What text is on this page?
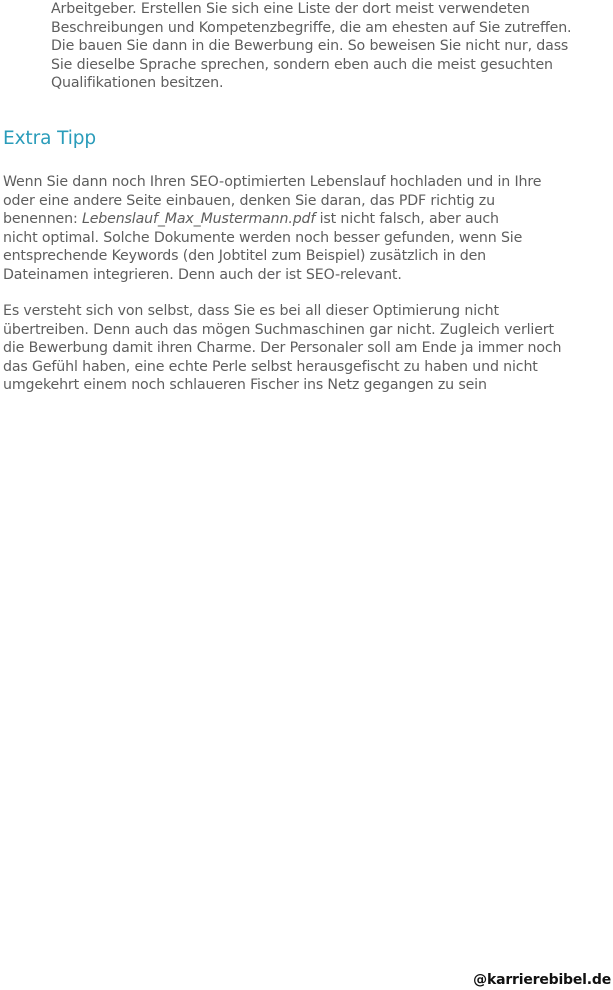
Arbeitgeber. Erstellen Sie sich eine Liste der dort meist verwendeten
Beschreibungen und Kompetenzbegriffe, die am ehesten auf Sie zutreffen.
Die bauen Sie dann in die Bewerbung ein. So beweisen Sie nicht nur, dass
Sie dieselbe Sprache sprechen, sondern eben auch die meist gesuchten
Qualifikationen besitzen.

Extra Tipp

Wenn Sie dann noch Ihren SEO-optimierten Lebenslauf hochladen und in Ihre
oder eine andere Seite einbauen, denken Sie daran, das PDF richtig zu
benennen: Lebenslauf_Max_Mustermann.pdf ist nicht falsch, aber auch
nicht optimal. Solche Dokumente werden noch besser gefunden, wenn Sie
entsprechende Keywords (den Jobtitel zum Beispiel) zusätzlich in den
Dateinamen integrieren. Denn auch der ist SEO-relevant.

Es versteht sich von selbst, dass Sie es bei all dieser Optimierung nicht
übertreiben. Denn auch das mögen Suchmaschinen gar nicht. Zugleich verliert
die Bewerbung damit ihren Charme. Der Personaler soll am Ende ja immer noch
das Gefühl haben, eine echte Perle selbst herausgefischt zu haben und nicht
umgekehrt einem noch schlaueren Fischer ins Netz gegangen zu sein

@karrierebibel.de
